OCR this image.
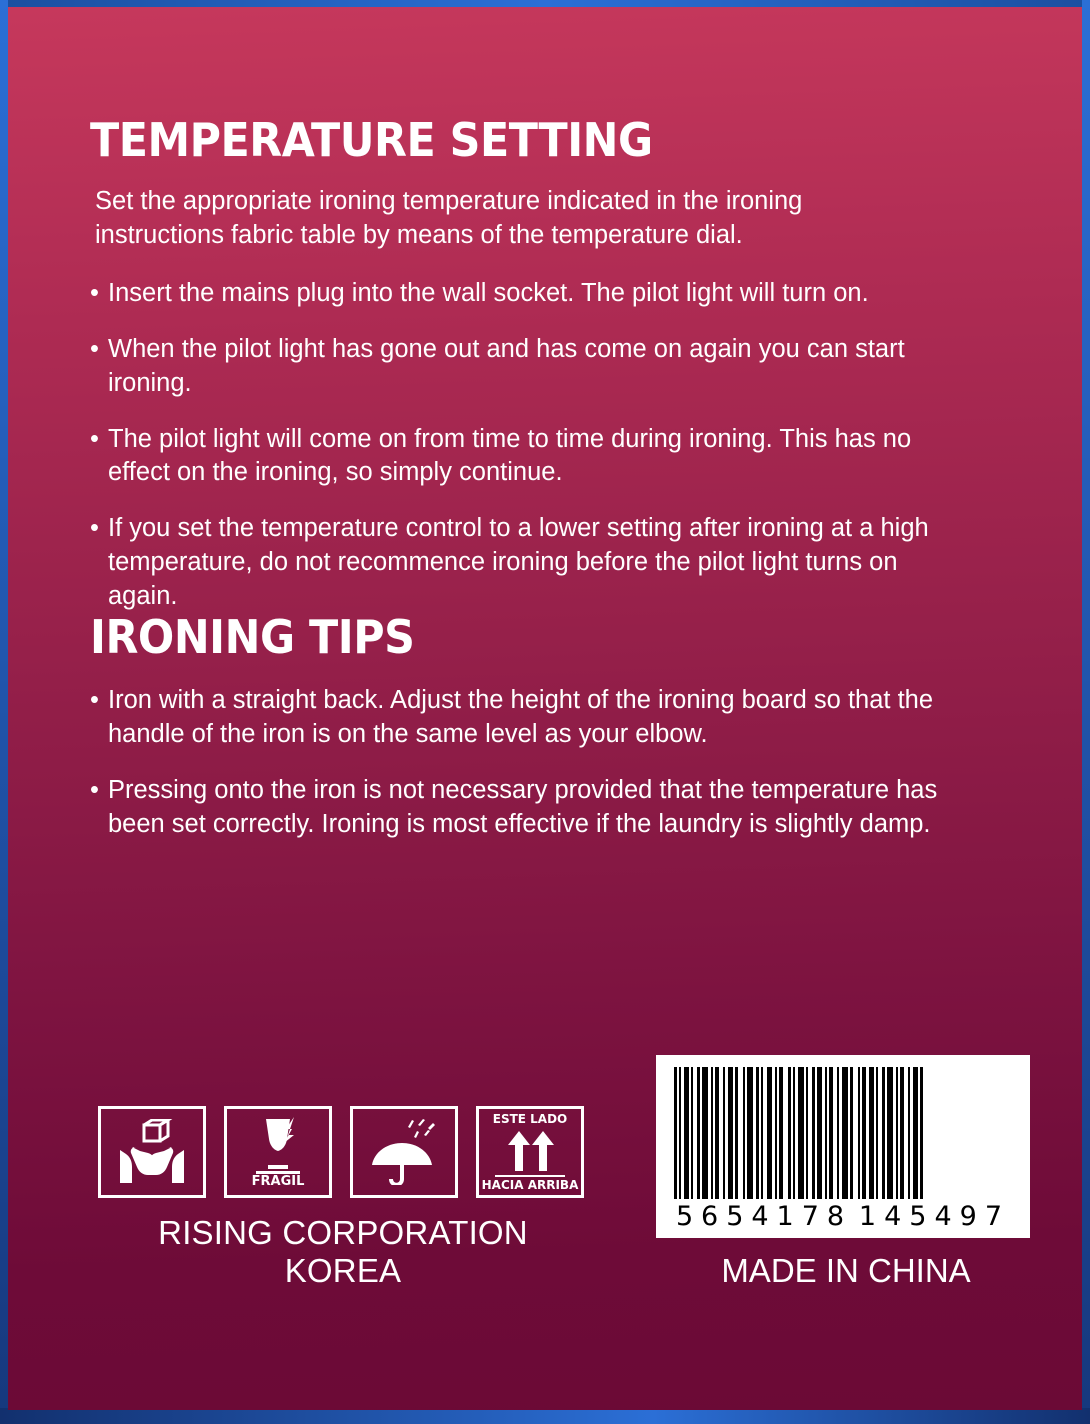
TEMPERATURE SETTING

Set the appropriate ironing temperature indicated in the ironing instructions fabric table by means of the temperature dial.

• Insert the mains plug into the wall socket. The pilot light will turn on.
• When the pilot light has gone out and has come on again you can start ironing.
• The pilot light will come on from time to time during ironing. This has no effect on the ironing, so simply continue.
• If you set the temperature control to a lower setting after ironing at a high temperature, do not recommence ironing before the pilot light turns on again.
IRONING TIPS
• Iron with a straight back. Adjust the height of the ironing board so that the handle of the iron is on the same level as your elbow.
• Pressing onto the iron is not necessary provided that the temperature has been set correctly. Ironing is most effective if the laundry is slightly damp.
FRAGIL
ESTE LADO
HACIA ARRIBA
RISING CORPORATION KOREA
5 654178 145497
MADE IN CHINA
